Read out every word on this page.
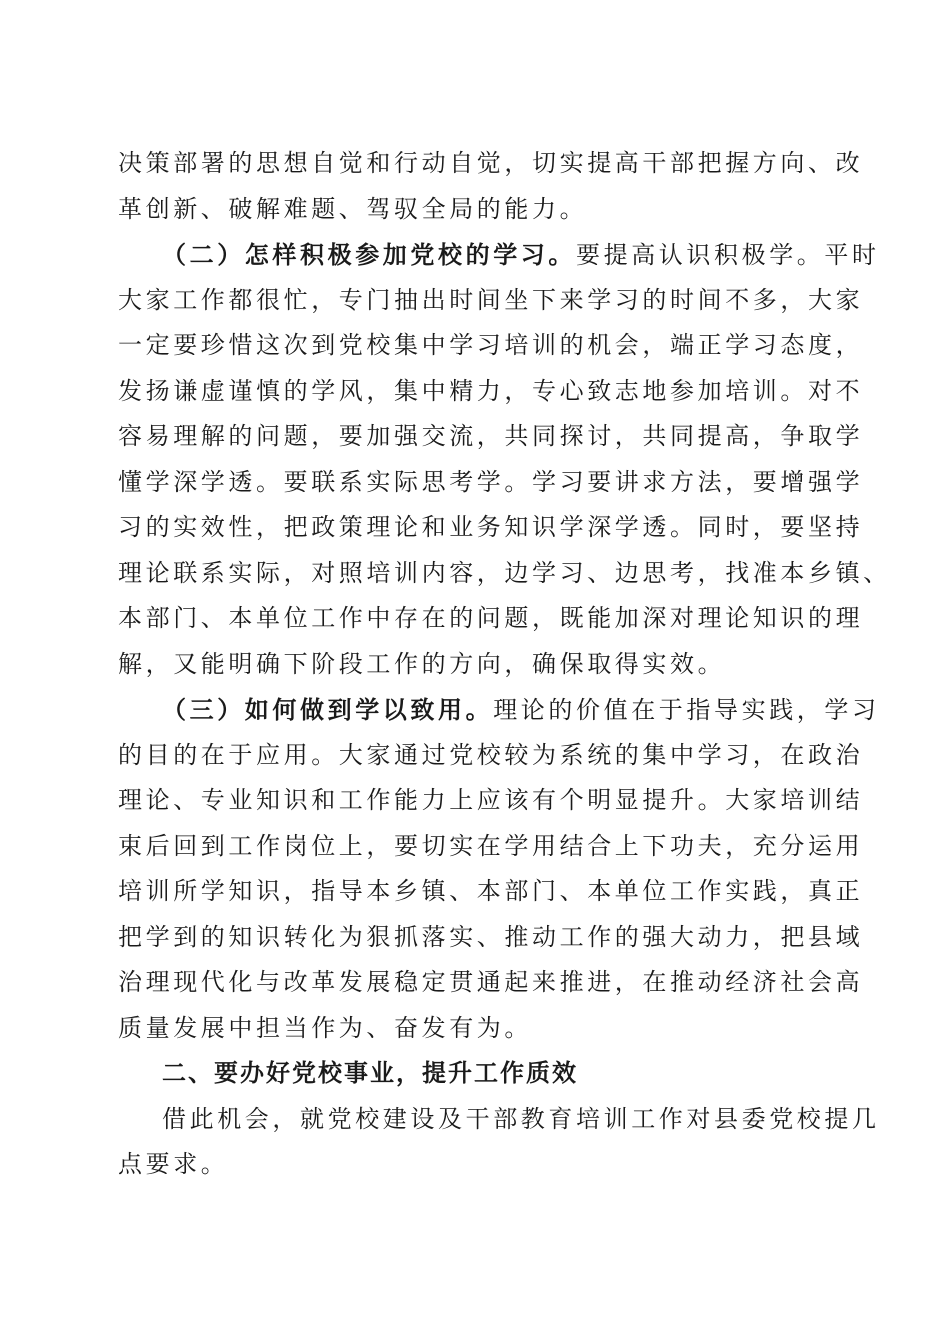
决策部署的思想自觉和行动自觉，切实提高干部把握方向、改
革创新、破解难题、驾驭全局的能力。
（二）怎样积极参加党校的学习。要提高认识积极学。平时
大家工作都很忙，专门抽出时间坐下来学习的时间不多，大家
一定要珍惜这次到党校集中学习培训的机会，端正学习态度，
发扬谦虚谨慎的学风，集中精力，专心致志地参加培训。对不
容易理解的问题，要加强交流，共同探讨，共同提高，争取学
懂学深学透。要联系实际思考学。学习要讲求方法，要增强学
习的实效性，把政策理论和业务知识学深学透。同时，要坚持
理论联系实际，对照培训内容，边学习、边思考，找准本乡镇、
本部门、本单位工作中存在的问题，既能加深对理论知识的理
解，又能明确下阶段工作的方向，确保取得实效。
（三）如何做到学以致用。理论的价值在于指导实践，学习
的目的在于应用。大家通过党校较为系统的集中学习，在政治
理论、专业知识和工作能力上应该有个明显提升。大家培训结
束后回到工作岗位上，要切实在学用结合上下功夫，充分运用
培训所学知识，指导本乡镇、本部门、本单位工作实践，真正
把学到的知识转化为狠抓落实、推动工作的强大动力，把县域
治理现代化与改革发展稳定贯通起来推进，在推动经济社会高
质量发展中担当作为、奋发有为。
二、要办好党校事业，提升工作质效
借此机会，就党校建设及干部教育培训工作对县委党校提几
点要求。
